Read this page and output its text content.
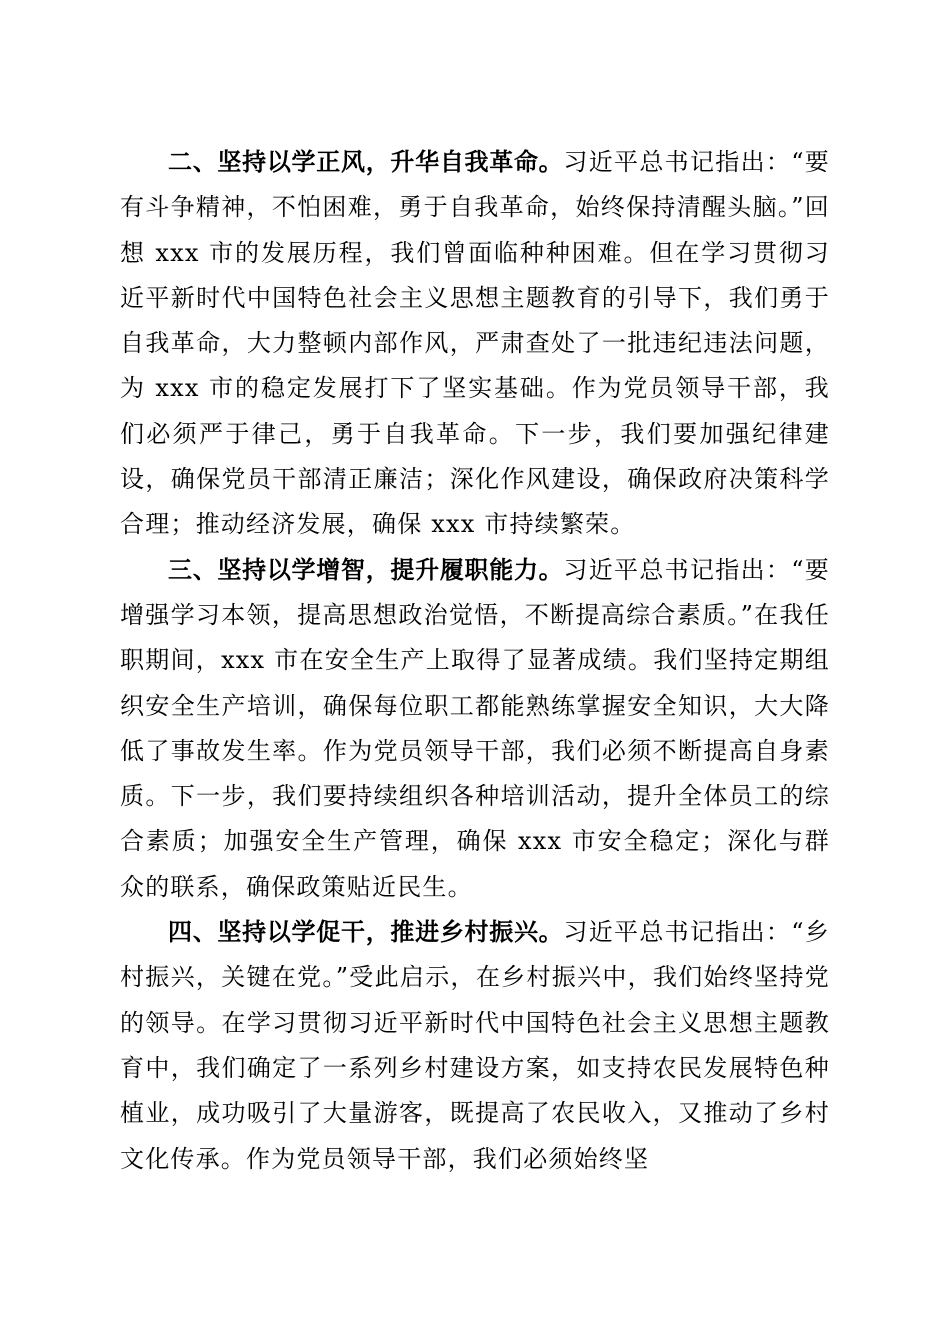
二、坚持以学正风，升华自我革命。习近平总书记指出：“要有斗争精神，不怕困难，勇于自我革命，始终保持清醒头脑。”回想 xxx 市的发展历程，我们曾面临种种困难。但在学习贯彻习近平新时代中国特色社会主义思想主题教育的引导下，我们勇于自我革命，大力整顿内部作风，严肃查处了一批违纪违法问题，为 xxx 市的稳定发展打下了坚实基础。作为党员领导干部，我们必须严于律己，勇于自我革命。下一步，我们要加强纪律建设，确保党员干部清正廉洁；深化作风建设，确保政府决策科学合理；推动经济发展，确保 xxx 市持续繁荣。

三、坚持以学增智，提升履职能力。习近平总书记指出：“要增强学习本领，提高思想政治觉悟，不断提高综合素质。”在我任职期间，xxx 市在安全生产上取得了显著成绩。我们坚持定期组织安全生产培训，确保每位职工都能熟练掌握安全知识，大大降低了事故发生率。作为党员领导干部，我们必须不断提高自身素质。下一步，我们要持续组织各种培训活动，提升全体员工的综合素质；加强安全生产管理，确保 xxx 市安全稳定；深化与群众的联系，确保政策贴近民生。

四、坚持以学促干，推进乡村振兴。习近平总书记指出：“乡村振兴，关键在党。”受此启示，在乡村振兴中，我们始终坚持党的领导。在学习贯彻习近平新时代中国特色社会主义思想主题教育中，我们确定了一系列乡村建设方案，如支持农民发展特色种植业，成功吸引了大量游客，既提高了农民收入，又推动了乡村文化传承。作为党员领导干部，我们必须始终坚
